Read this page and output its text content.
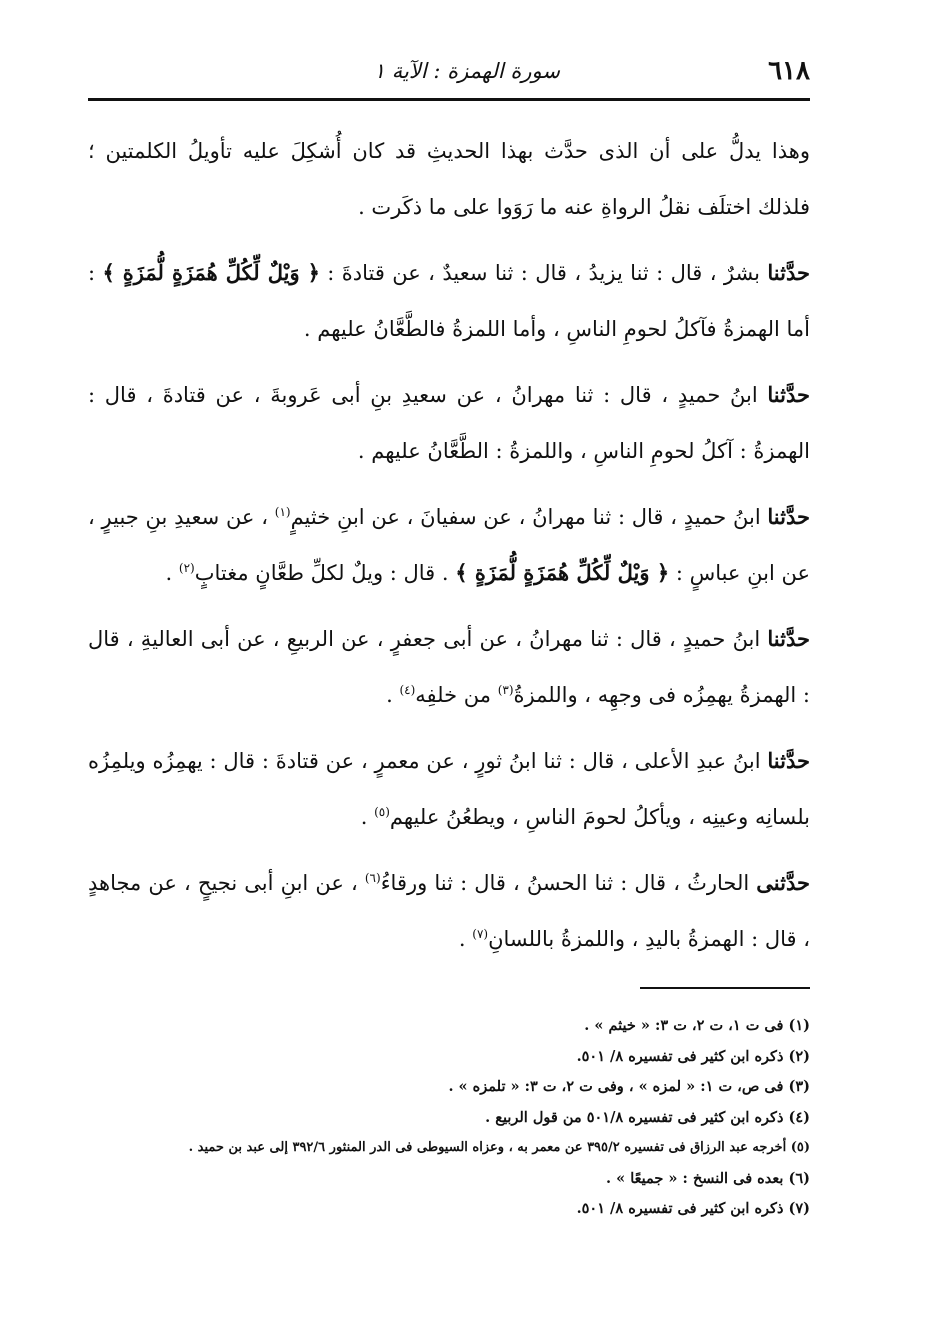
٦١٨
سورة الهمزة : الآية ١

وهذا يدلُّ على أن الذى حدَّث بهذا الحديثِ قد كان أُشكِلَ عليه تأويلُ الكلمتين ؛ فلذلك اختلَف نقلُ الرواةِ عنه ما رَوَوا على ما ذكَرت .

حدَّثنا بشرٌ ، قال : ثنا يزيدُ ، قال : ثنا سعيدٌ ، عن قتادةَ : ﴿ وَيْلٌ لِّكُلِّ هُمَزَةٍ لُّمَزَةٍ ﴾ : أما الهمزةُ فآكلُ لحومِ الناسِ ، وأما اللمزةُ فالطَّعَّانُ عليهم .

حدَّثنا ابنُ حميدٍ ، قال : ثنا مهرانُ ، عن سعيدِ بنِ أبى عَروبةَ ، عن قتادةَ ، قال : الهمزةُ : آكلُ لحومِ الناسِ ، واللمزةُ : الطَّعَّانُ عليهم .

حدَّثنا ابنُ حميدٍ ، قال : ثنا مهرانُ ، عن سفيانَ ، عن ابنِ خثيمٍ$^{(١)}$ ، عن سعيدِ بنِ جبيرٍ ، عن ابنِ عباسٍ : ﴿ وَيْلٌ لِّكُلِّ هُمَزَةٍ لُّمَزَةٍ ﴾ . قال : ويلٌ لكلِّ طعَّانٍ مغتابٍ$^{(٢)}$ .

حدَّثنا ابنُ حميدٍ ، قال : ثنا مهرانُ ، عن أبى جعفرٍ ، عن الربيعِ ، عن أبى العاليةِ ، قال : الهمزةُ يهمِزُه فى وجهِه ، واللمزةُ$^{(٣)}$ من خلفِه$^{(٤)}$ .

حدَّثنا ابنُ عبدِ الأعلى ، قال : ثنا ابنُ ثورٍ ، عن معمرٍ ، عن قتادةَ : قال : يهمِزُه ويلمِزُه بلسانِه وعينِه ، ويأكلُ لحومَ الناسِ ، ويطعُنُ عليهم$^{(٥)}$ .

حدَّثنى الحارثُ ، قال : ثنا الحسنُ ، قال : ثنا ورقاءُ$^{(٦)}$ ، عن ابنِ أبى نجيحٍ ، عن مجاهدٍ ، قال : الهمزةُ باليدِ ، واللمزةُ باللسانِ$^{(٧)}$ .

(١) فى ت ١، ت ٢، ت ٣: « خيثم » .
(٢) ذكره ابن كثير فى تفسيره ٨/ ٥٠١.
(٣) فى ص، ت ١: « لمزه » ، وفى ت ٢، ت ٣: « تلمزه » .
(٤) ذكره ابن كثير فى تفسيره ٥٠١/٨ من قول الربيع .
(٥) أخرجه عبد الرزاق فى تفسيره ٣٩٥/٢ عن معمر به ، وعزاه السيوطى فى الدر المنثور ٣٩٢/٦ إلى عبد بن حميد .
(٦) بعده فى النسخ : « جميعًا » .
(٧) ذكره ابن كثير فى تفسيره ٨/ ٥٠١.
